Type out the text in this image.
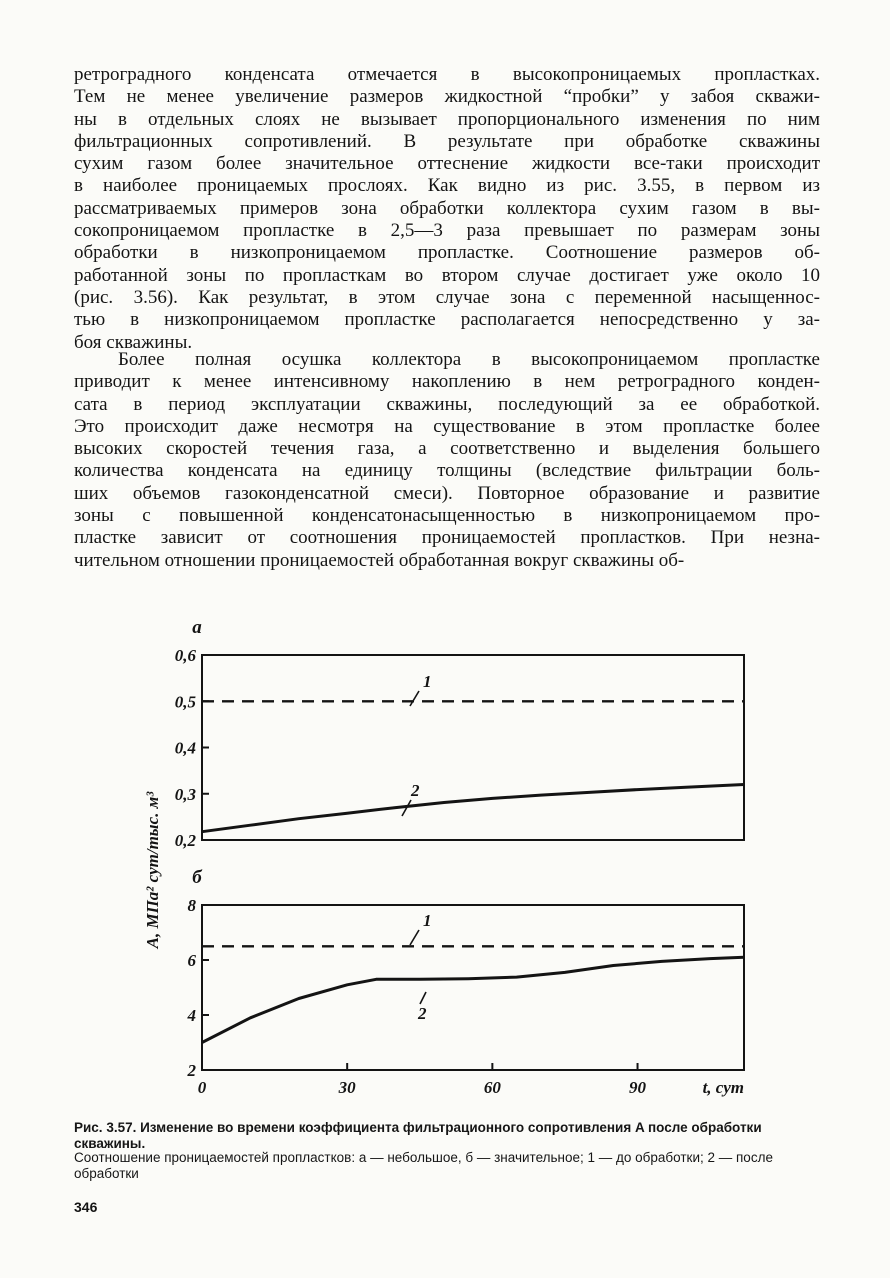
ретроградного конденсата отмечается в высокопроницаемых пропластках.
Тем не менее увеличение размеров жидкостной “пробки” у забоя скважи-
ны в отдельных слоях не вызывает пропорционального изменения по ним
фильтрационных сопротивлений. В результате при обработке скважины
сухим газом более значительное оттеснение жидкости все-таки происходит
в наиболее проницаемых прослоях. Как видно из рис. 3.55, в первом из
рассматриваемых примеров зона обработки коллектора сухим газом в вы-
сокопроницаемом пропластке в 2,5—3 раза превышает по размерам зоны
обработки в низкопроницаемом пропластке. Соотношение размеров об-
работанной зоны по пропласткам во втором случае достигает уже около 10
(рис. 3.56). Как результат, в этом случае зона с переменной насыщеннос-
тью в низкопроницаемом пропластке располагается непосредственно у за-
боя скважины.
Более полная осушка коллектора в высокопроницаемом пропластке
приводит к менее интенсивному накоплению в нем ретроградного конден-
сата в период эксплуатации скважины, последующий за ее обработкой.
Это происходит даже несмотря на существование в этом пропластке более
высоких скоростей течения газа, а соответственно и выделения большего
количества конденсата на единицу толщины (вследствие фильтрации боль-
ших объемов газоконденсатной смеси). Повторное образование и развитие
зоны с повышенной конденсатонасыщенностью в низкопроницаемом про-
пластке зависит от соотношения проницаемостей пропластков. При незна-
чительном отношении проницаемостей обработанная вокруг скважины об-
0,6
0,5
0,4
0,3
0,2
а
8
6
4
2
б
1
2
1
2
0	30	60	90	t, сут
A, МПа² сут/тыс. м³

Рис. 3.57. Изменение во времени коэффициента фильтрационного сопротивления A после обработки скважины.

Соотношение проницаемостей пропластков: а — небольшое, б — значительное; 1 — до обработки; 2 — после обработки

346
